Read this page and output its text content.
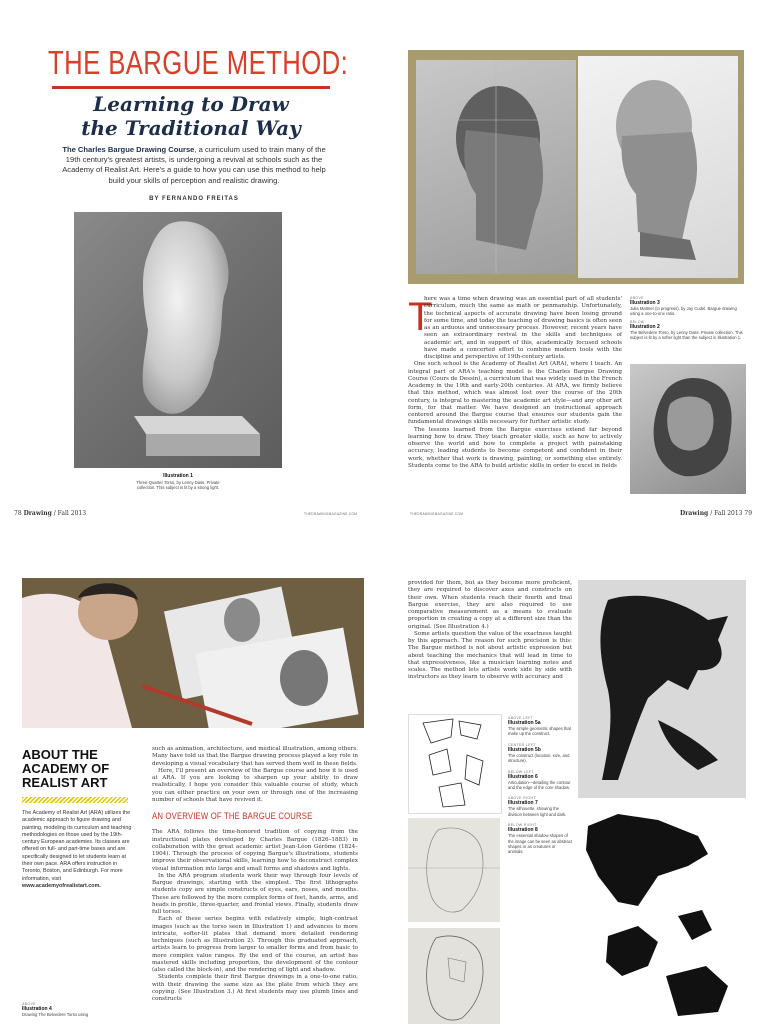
THE BARGUE METHOD:
Learning to Draw
the Traditional Way
The Charles Bargue Drawing Course, a curriculum used to train many of the 19th century's greatest artists, is undergoing a revival at schools such as the Academy of Realist Art. Here's a guide to how you can use this method to help build your skills of perception and realistic drawing.
BY FERNANDO FREITAS
Illustration 1
Three-Quarter Torso, by Lenny Dass. Private collection. This subject is lit by a strong light.
78 Drawing / Fall 2013	THEDRAWINGMAGAZINE.COM	THEDRAWINGMAGAZINE.COM	Drawing / Fall 2013 79
T

here was a time when drawing was an essential part of all students' curriculum, much the same as math or penmanship. Unfortunately, the technical aspects of accurate drawing have been losing ground for some time, and today the teaching of drawing basics is often seen as an arduous and unnecessary process. However, recent years have seen an extraordinary revival in the skills and techniques of academic art, and in support of this, academically focused schools have made a concerted effort to combine modern tools with the discipline and perspective of 19th-century artists.

One such school is the Academy of Realist Art (ARA), where I teach. An integral part of ARA's teaching model is the Charles Bargue Drawing Course (Cours de Dessin), a curriculum that was widely used in the French Academy in the 19th and early-20th centuries. At ARA, we firmly believe that this method, which was almost lost over the course of the 20th century, is integral to mastering the academic art style—and any other art form, for that matter. We have designed an instructional approach centered around the Bargue course that ensures our students gain the fundamental drawings skills necessary for further artistic study.

The lessons learned from the Bargue exercises extend far beyond learning how to draw. They teach greater skills, such as how to actively observe the world and how to complete a project with painstaking accuracy, leading students to become competent and confident in their work, whether that work is drawing, painting, or something else entirely. Students come to the ARA to build artistic skills in order to excel in fields

ABOVE
Illustration 3
Julia Mattner (in progress), by Jay Cudel. Bargue drawing using a one-to-one ratio.
BELOW
Illustration 2
The Belvedere Torso, by Lenny Dass. Private collection. This subject is lit by a softer light than the subject in Illustration 1.
ABOUT THE
ACADEMY OF
REALIST ART
The Academy of Realist Art (ARA) utilizes the academic approach to figure drawing and painting, modeling its curriculum and teaching methodologies on those used by the 19th-century European academies. Its classes are offered on full- and part-time bases and are specifically designed to let students learn at their own pace. ARA offers instruction in Toronto, Boston, and Edinburgh. For more information, visit www.academyofrealistart.com.
ABOVE
Illustration 4
Drawing The Belvedere Torso using

such as animation, architecture, and medical illustration, among others. Many have told us that the Bargue drawing process played a key role in developing a visual vocabulary that has served them well in these fields.

Here, I'll present an overview of the Bargue course and how it is used at ARA. If you are looking to sharpen up your ability to draw realistically, I hope you consider this valuable course of study, which you can either practice on your own or through one of the increasing number of schools that have revived it.

AN OVERVIEW OF THE BARGUE COURSE

The ARA follows the time-honored tradition of copying from the instructional plates developed by Charles Bargue (1826–1883) in collaboration with the great academic artist Jean-Léon Gérôme (1824–1904). Through the process of copying Bargue's illustrations, students improve their observational skills, learning how to deconstruct complex visual information into large and small forms and shadows and lights.

In the ARA program students work their way through four levels of Bargue drawings, starting with the simplest. The first lithographs students copy are simple constructs of eyes, ears, noses, and mouths. These are followed by the more complex forms of feet, hands, arms, and heads in profile, three-quarter, and frontal views. Finally, students draw full torsos.

Each of these series begins with relatively simple, high-contrast images (such as the torso seen in Illustration 1) and advances to more intricate, softer-lit plates that demand more detailed rendering techniques (such as Illustration 2). Through this graduated approach, artists learn to progress from larger to smaller forms and from basic to more complex value ranges. By the end of the course, an artist has mastered skills including proportion, the development of the contour (also called the block-in), and the rendering of light and shadow.

Students complete their first Bargue drawings in a one-to-one ratio, with their drawing the same size as the plate from which they are copying. (See Illustration 3.) At first students may use plumb lines and constructs

provided for them, but as they become more proficient, they are required to discover axes and constructs on their own. When students reach their fourth and final Bargue exercise, they are also required to use comparative measurement as a means to evaluate proportion in creating a copy at a different size than the original. (See Illustration 4.)

Some artists question the value of the exactness taught by this approach. The reason for such precision is this: The Bargue method is not about artistic expression but about teaching the mechanics that will lead in time to that expressiveness, like a musician learning notes and scales. The method lets artists work side by side with instructors as they learn to observe with accuracy and

ABOVE LEFT
Illustration 5a
The simple geometric shapes that make up the construct.
CENTER LEFT
Illustration 5b
The construct (location, size, and structure).
BELOW LEFT
Illustration 6
Articulation—detailing the contour and the edge of the core shadow.
ABOVE RIGHT
Illustration 7
The silhouette, showing the division between light and dark.
BELOW RIGHT
Illustration 8
The essential shadow shapes of the image can be seen as abstract shapes or as creatures or animals.
